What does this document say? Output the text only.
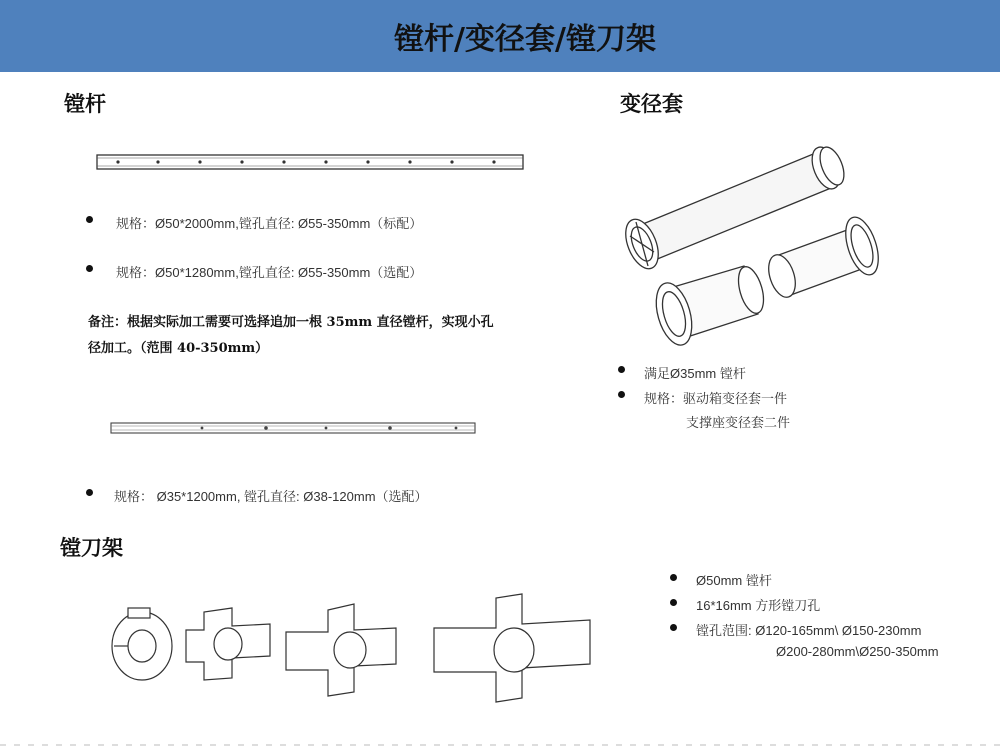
镗杆/变径套/镗刀架
镗杆
规格：Ø50*2000mm,镗孔直径: Ø55-350mm（标配）
规格：Ø50*1280mm,镗孔直径: Ø55-350mm（选配）
备注：根据实际加工需要可选择追加一根 35mm 直径镗杆，实现小孔
径加工。（范围 40-350mm）
规格： Ø35*1200mm, 镗孔直径: Ø38-120mm（选配）
变径套
满足Ø35mm 镗杆
规格：驱动箱变径套一件
支撑座变径套二件
镗刀架
Ø50mm 镗杆
16*16mm 方形镗刀孔
镗孔范围: Ø120-165mm\ Ø150-230mm
Ø200-280mm\Ø250-350mm
